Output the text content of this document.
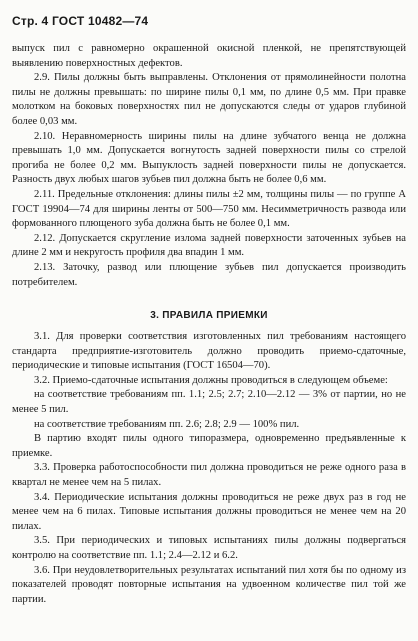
Стр. 4 ГОСТ 10482—74

выпуск пил с равномерно окрашенной окисной пленкой, не препятствующей выявлению поверхностных дефектов.

2.9. Пилы должны быть выправлены. Отклонения от прямолинейности полотна пилы не должны превышать: по ширине пилы 0,1 мм, по длине 0,5 мм. При правке молотком на боковых поверхностях пил не допускаются следы от ударов глубиной более 0,03 мм.

2.10. Неравномерность ширины пилы на длине зубчатого венца не должна превышать 1,0 мм. Допускается вогнутость задней поверхности пилы со стрелой прогиба не более 0,2 мм. Выпуклость задней поверхности пилы не допускается. Разность двух любых шагов зубьев пил должна быть не более 0,6 мм.

2.11. Предельные отклонения: длины пилы ±2 мм, толщины пилы — по группе А ГОСТ 19904—74 для ширины ленты от 500—750 мм. Несимметричность развода или формованного плющеного зуба должна быть не более 0,1 мм.

2.12. Допускается скругление излома задней поверхности заточенных зубьев на длине 2 мм и некругость профиля два впадин 1 мм.

2.13. Заточку, развод или плющение зубьев пил допускается производить потребителем.

3. ПРАВИЛА ПРИЕМКИ

3.1. Для проверки соответствия изготовленных пил требованиям настоящего стандарта предприятие-изготовитель должно проводить приемо-сдаточные, периодические и типовые испытания (ГОСТ 16504—70).

3.2. Приемо-сдаточные испытания должны проводиться в следующем объеме:

на соответствие требованиям пп. 1.1; 2.5; 2.7; 2.10—2.12 — 3% от партии, но не менее 5 пил.

на соответствие требованиям пп. 2.6; 2.8; 2.9 — 100% пил.

В партию входят пилы одного типоразмера, одновременно предъявленные к приемке.

3.3. Проверка работоспособности пил должна проводиться не реже одного раза в квартал не менее чем на 5 пилах.

3.4. Периодические испытания должны проводиться не реже двух раз в год не менее чем на 6 пилах. Типовые испытания должны проводиться не менее чем на 20 пилах.

3.5. При периодических и типовых испытаниях пилы должны подвергаться контролю на соответствие пп. 1.1; 2.4—2.12 и 6.2.

3.6. При неудовлетворительных результатах испытаний пил хотя бы по одному из показателей проводят повторные испытания на удвоенном количестве пил той же партии.
